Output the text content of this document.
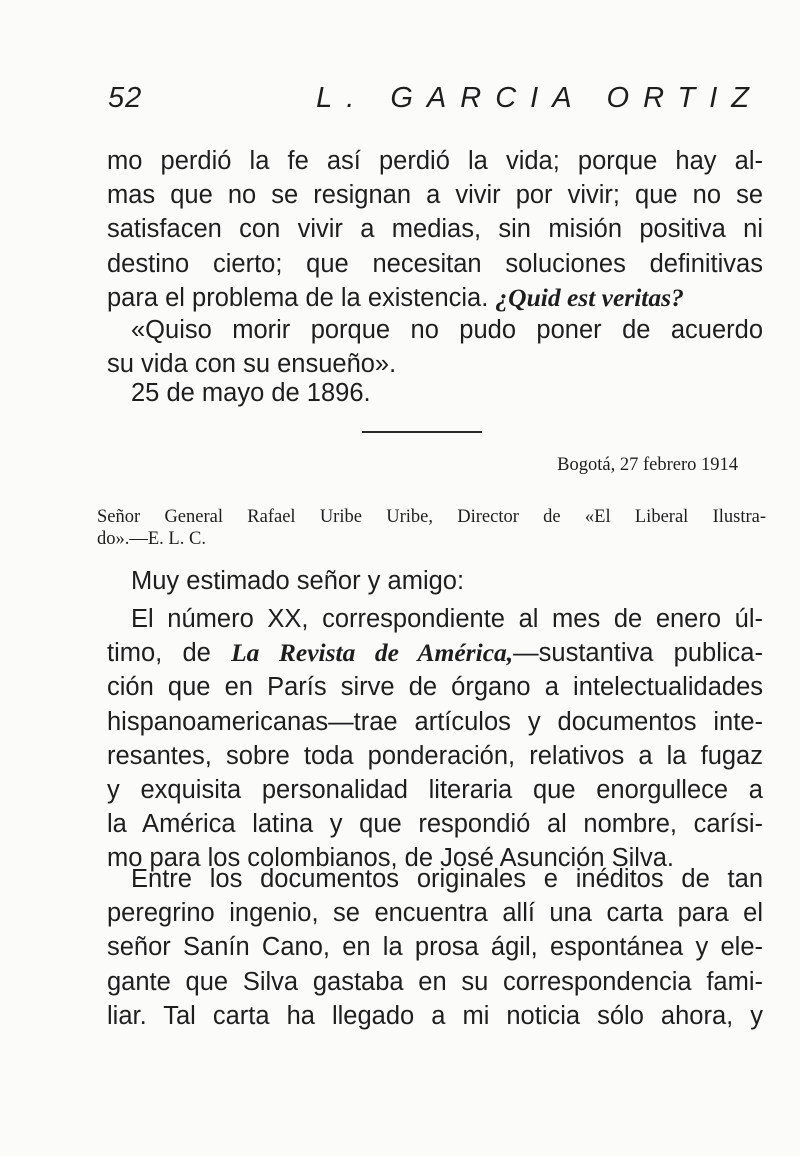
52	L. GARCIA ORTIZ
mo perdió la fe así perdió la vida; porque hay al-
mas que no se resignan a vivir por vivir; que no se
satisfacen con vivir a medias, sin misión positiva ni
destino cierto; que necesitan soluciones definitivas
para el problema de la existencia. ¿Quid est veritas?
«Quiso morir porque no pudo poner de acuerdo
su vida con su ensueño».
25 de mayo de 1896.
Bogotá, 27 febrero 1914
Señor General Rafael Uribe Uribe, Director de «El Liberal Ilustra-
do».—E. L. C.
Muy estimado señor y amigo:
El número XX, correspondiente al mes de enero úl-
timo, de La Revista de América,—sustantiva publica-
ción que en París sirve de órgano a intelectualidades
hispanoamericanas—trae artículos y documentos inte-
resantes, sobre toda ponderación, relativos a la fugaz
y exquisita personalidad literaria que enorgullece a
la América latina y que respondió al nombre, carísi-
mo para los colombianos, de José Asunción Silva.
Entre los documentos originales e inéditos de tan
peregrino ingenio, se encuentra allí una carta para el
señor Sanín Cano, en la prosa ágil, espontánea y ele-
gante que Silva gastaba en su correspondencia fami-
liar. Tal carta ha llegado a mi noticia sólo ahora, y
